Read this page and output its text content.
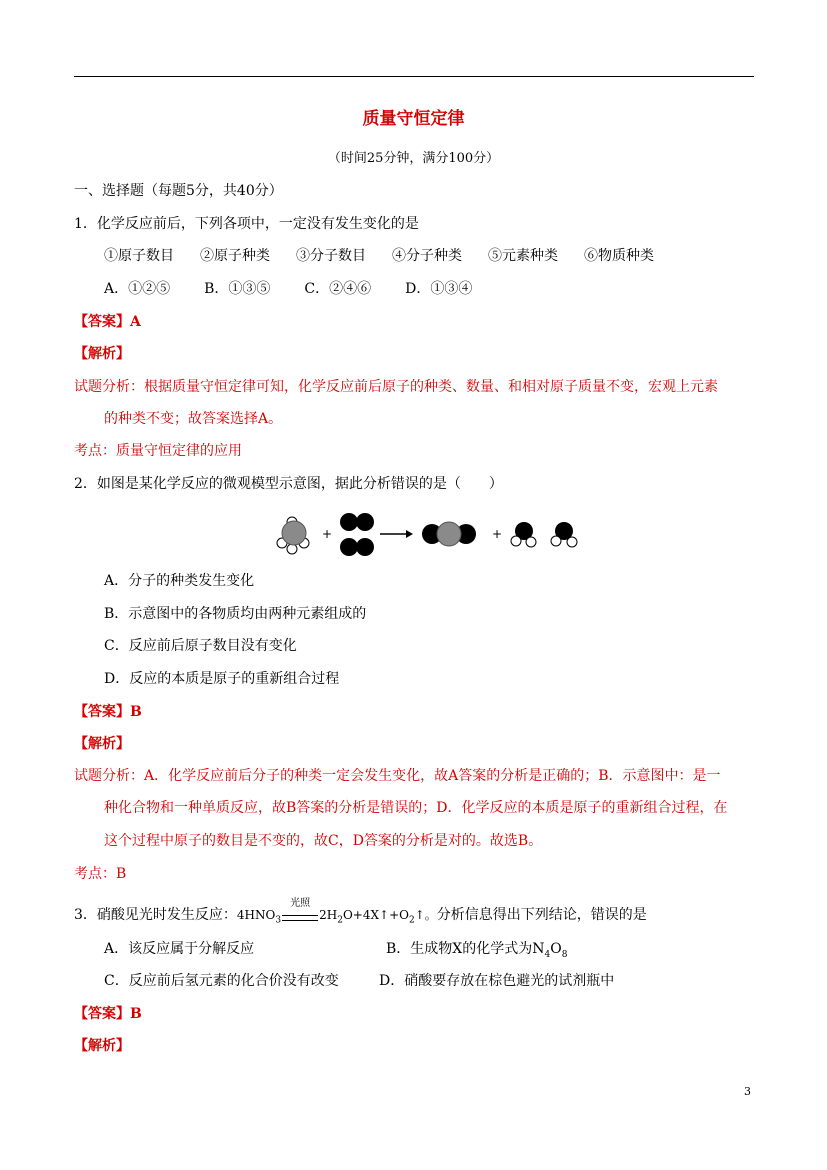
质量守恒定律
（时间25分钟，满分100分）
一、选择题（每题5分，共40分）
1．化学反应前后，下列各项中，一定没有发生变化的是
①原子数目 ②原子种类 ③分子数目 ④分子种类 ⑤元素种类 ⑥物质种类
A．①②⑤ B．①③⑤ C．②④⑥ D．①③④
【答案】A
【解析】
试题分析：根据质量守恒定律可知，化学反应前后原子的种类、数量、和相对原子质量不变，宏观上元素
的种类不变；故答案选择A。
考点：质量守恒定律的应用
2．如图是某化学反应的微观模型示意图，据此分析错误的是（　　）
+	+
A．分子的种类发生变化
B．示意图中的各物质均由两种元素组成的
C．反应前后原子数目没有变化
D．反应的本质是原子的重新组合过程
【答案】B
【解析】
试题分析：A．化学反应前后分子的种类一定会发生变化，故A答案的分析是正确的；B．示意图中：是一
种化合物和一种单质反应，故B答案的分析是错误的；D．化学反应的本质是原子的重新组合过程，在
这个过程中原子的数目是不变的，故C，D答案的分析是对的。故选B。
考点：B
3．硝酸见光时发生反应：$4HNO_3$
光照
$2H_2O+4X↑+O_2↑$。分析信息得出下列结论，错误的是
A．该反应属于分解反应	B．生成物X的化学式为$N_4O_8$
C．反应前后氢元素的化合价没有改变	D．硝酸要存放在棕色避光的试剂瓶中
【答案】B
【解析】
3
